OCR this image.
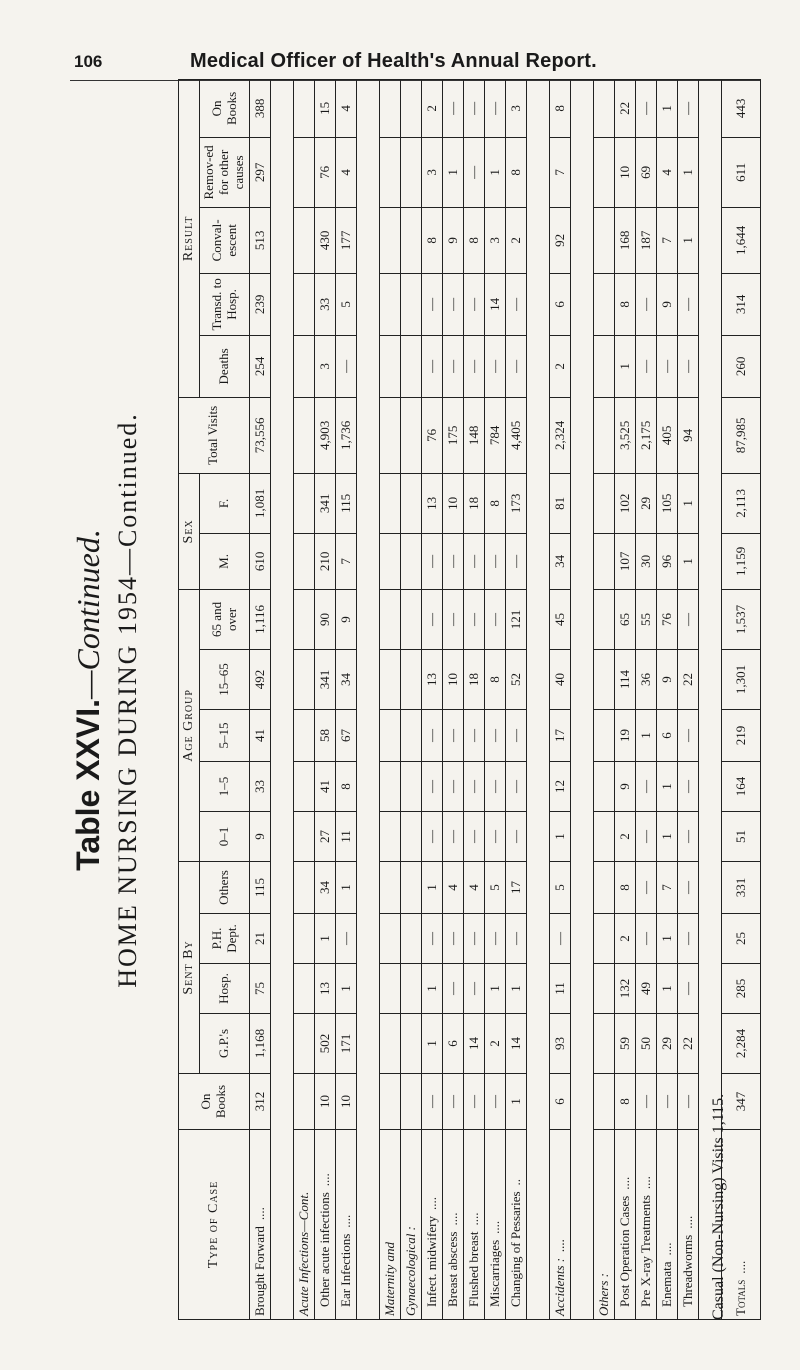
106	Medical Officer of Health's Annual Report.
Table XXVI.—Continued. HOME NURSING DURING 1954—Continued.
Type of Case	On Books	Sent By				Age Group					Sex		Total Visits	Result				
		G.P.'s	Hosp.	P.H. Dept.	Others	0–1	1–5	5–15	15–65	65 and over	M.	F.		Deaths	Transd. to Hosp.	Conval-escent	Remov-ed for other causes	On Books
Brought Forward....	312	1,168	75	21	115	9	33	41	492	1,116	610	1,081	73,556	254	239	513	297	388

Acute Infections—Cont.																		
Other acute infections....	10	502	13	1	34	27	41	58	341	90	210	341	4,903	3	33	430	76	15
Ear Infections....	10	171	1	—	1	11	8	67	34	9	7	115	1,736	—	5	177	4	4

Maternity and																		
Gynaecological :																		
Infect. midwifery....	—	1	1	—	1	—	—	—	13	—	—	13	76	—	—	8	3	2
Breast abscess....	—	6	—	—	4	—	—	—	10	—	—	10	175	—	—	9	1	—
Flushed breast....	—	14	—	—	4	—	—	—	18	—	—	18	148	—	—	8	—	—
Miscarriages....	—	2	1	—	5	—	—	—	8	—	—	8	784	—	14	3	1	—
Changing of Pessaries..	1	14	1	—	17	—	—	—	52	121	—	173	4,405	—	—	2	8	3

Accidents :....	6	93	11	—	5	1	12	17	40	45	34	81	2,324	2	6	92	7	8

Others :																		
Post Operation Cases....	8	59	132	2	8	2	9	19	114	65	107	102	3,525	1	8	168	10	22
Pre X-ray Treatments....	—	50	49	—	—	—	—	1	36	55	30	29	2,175	—	—	187	69	—
Enemata....	—	29	1	1	7	1	1	6	9	76	96	105	405	—	9	7	4	1
Threadworms....	—	22	—	—	—	—	—	—	22	—	1	1	94	—	—	1	1	—

Totals....	347	2,284	285	25	331	51	164	219	1,301	1,537	1,159	2,113	87,985	260	314	1,644	611	443
Casual (Non-Nursing) Visits 1,115.
